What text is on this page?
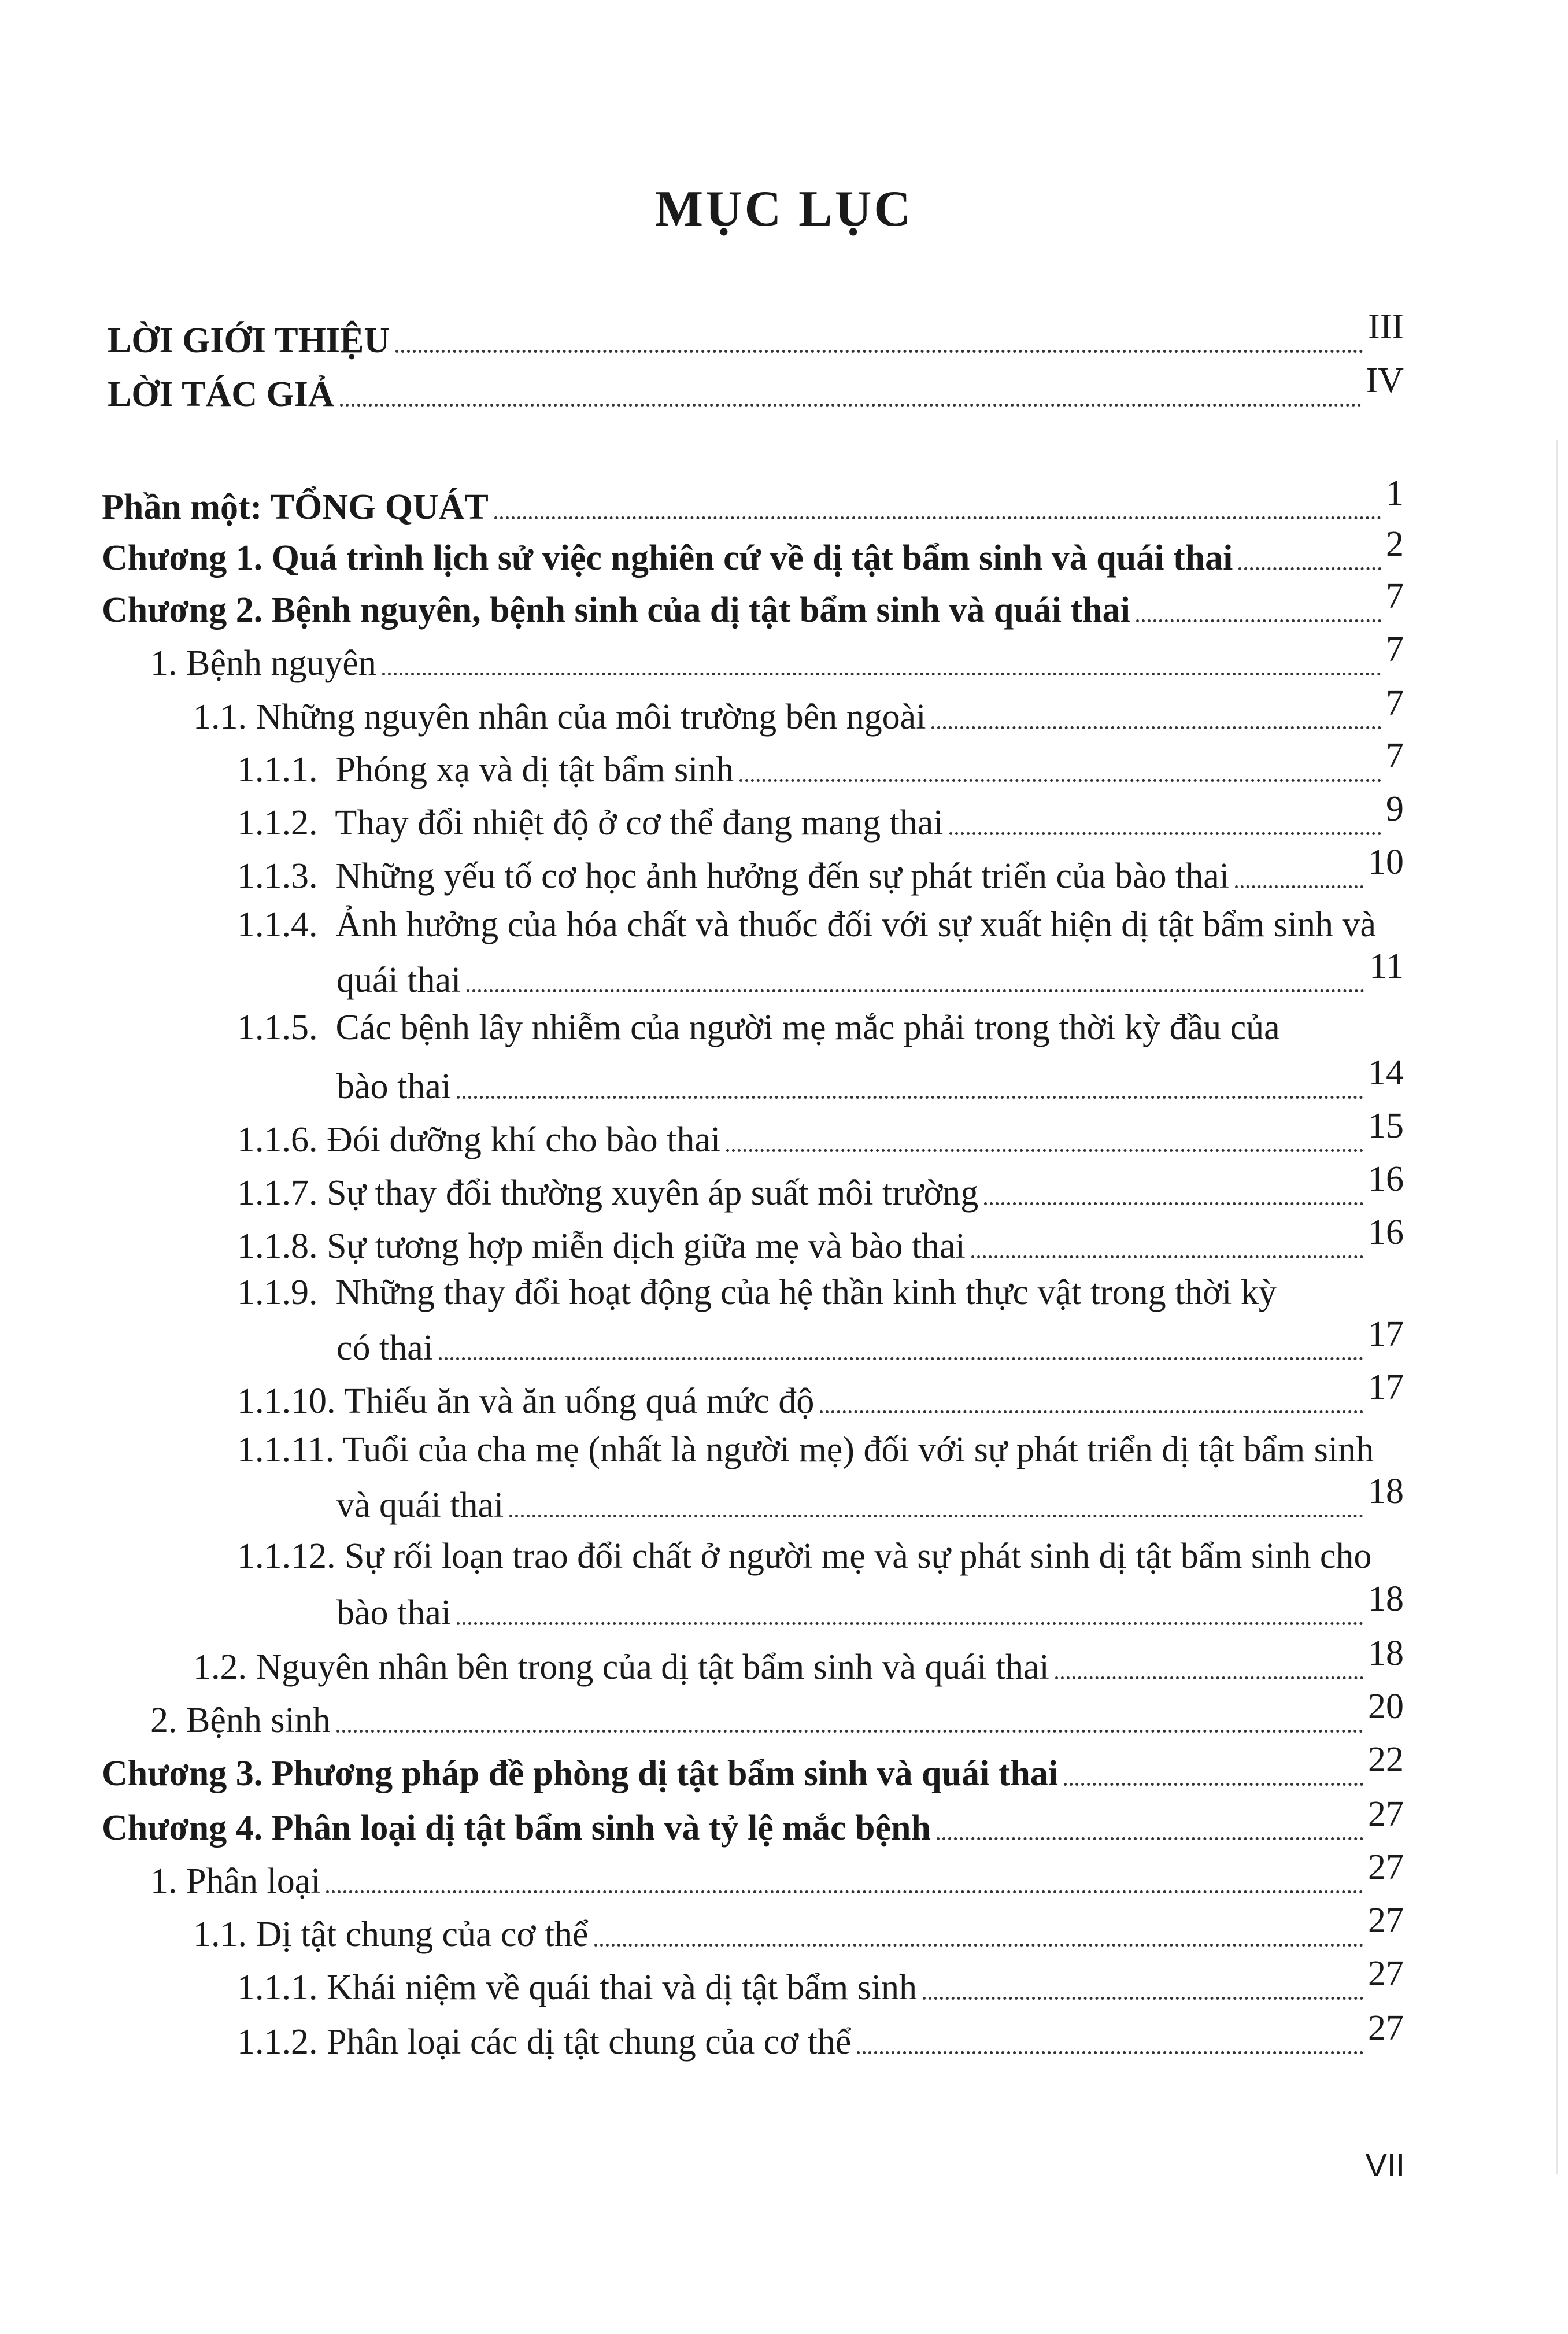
MỤC LỤC
LỜI GIỚI THIỆU	III
LỜI TÁC GIẢ	IV
Phần một: TỔNG QUÁT	1
Chương 1. Quá trình lịch sử việc nghiên cứ về dị tật bẩm sinh và quái thai	2
Chương 2. Bệnh nguyên, bệnh sinh của dị tật bẩm sinh và quái thai	7
1. Bệnh nguyên	7
1.1. Những nguyên nhân của môi trường bên ngoài	7
1.1.1.  Phóng xạ và dị tật bẩm sinh	7
1.1.2.  Thay đổi nhiệt độ ở cơ thể đang mang thai	9
1.1.3.  Những yếu tố cơ học ảnh hưởng đến sự phát triển của bào thai	10
1.1.4.  Ảnh hưởng của hóa chất và thuốc đối với sự xuất hiện dị tật bẩm sinh và
quái thai	11
1.1.5.  Các bệnh lây nhiễm của người mẹ mắc phải trong thời kỳ đầu của
bào thai	14
1.1.6. Đói dưỡng khí cho bào thai	15
1.1.7. Sự thay đổi thường xuyên áp suất môi trường	16
1.1.8. Sự tương hợp miễn dịch giữa mẹ và bào thai	16
1.1.9.  Những thay đổi hoạt động của hệ thần kinh thực vật trong thời kỳ
có thai	17
1.1.10. Thiếu ăn và ăn uống quá mức độ	17
1.1.11. Tuổi của cha mẹ (nhất là người mẹ) đối với sự phát triển dị tật bẩm sinh
và quái thai	18
1.1.12. Sự rối loạn trao đổi chất ở người mẹ và sự phát sinh dị tật bẩm sinh cho
bào thai	18
1.2. Nguyên nhân bên trong của dị tật bẩm sinh và quái thai	18
2. Bệnh sinh	20
Chương 3. Phương pháp đề phòng dị tật bẩm sinh và quái thai	22
Chương 4. Phân loại dị tật bẩm sinh và tỷ lệ mắc bệnh	27
1. Phân loại	27
1.1. Dị tật chung của cơ thể	27
1.1.1. Khái niệm về quái thai và dị tật bẩm sinh	27
1.1.2. Phân loại các dị tật chung của cơ thể	27
VII
